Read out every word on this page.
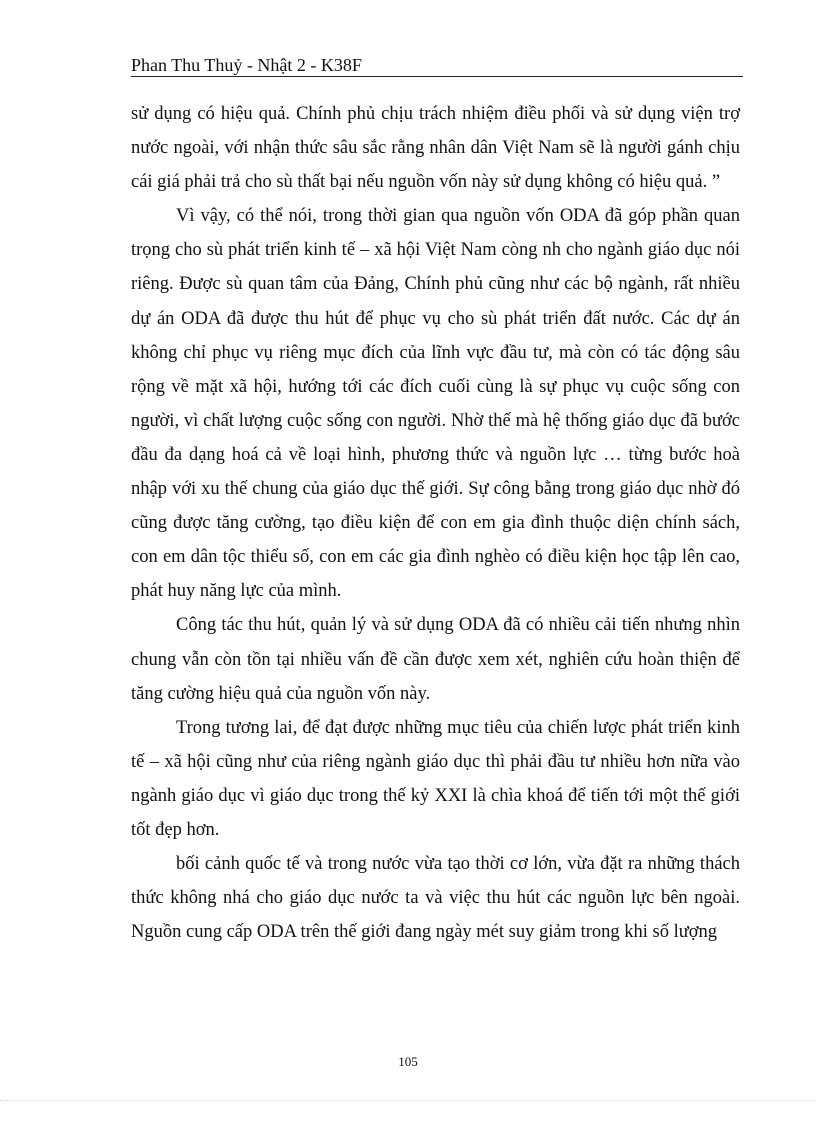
Phan Thu Thuỷ - Nhật 2 - K38F

sử dụng có hiệu quả. Chính phủ chịu trách nhiệm điều phối và sử dụng viện trợ nước ngoài, với nhận thức sâu sắc rằng nhân dân Việt Nam sẽ là người gánh chịu cái giá phải trả cho sù thất bại nếu nguồn vốn này sử dụng không có hiệu quả. ”

Vì vậy, có thể nói, trong thời gian qua nguồn vốn ODA đã góp phần quan trọng cho sù phát triển kinh tế – xã hội Việt Nam còng nh cho ngành giáo dục nói riêng. Được sù quan tâm của Đảng, Chính phủ cũng như các bộ ngành, rất nhiều dự án ODA đã được thu hút để phục vụ cho sù phát triển đất nước. Các dự án không chỉ phục vụ riêng mục đích của lĩnh vực đầu tư, mà còn có tác động sâu rộng về mặt xã hội, hướng tới các đích cuối cùng là sự phục vụ cuộc sống con người, vì chất lượng cuộc sống con người. Nhờ thế mà hệ thống giáo dục đã bước đầu đa dạng hoá cả về loại hình, phương thức và nguồn lực … từng bước hoà nhập với xu thế chung của giáo dục thế giới. Sự công bằng trong giáo dục nhờ đó cũng được tăng cường, tạo điều kiện để con em gia đình thuộc diện chính sách, con em dân tộc thiểu số, con em các gia đình nghèo có điều kiện học tập lên cao, phát huy năng lực của mình.

Công tác thu hút, quản lý và sử dụng ODA đã có nhiều cải tiến nhưng nhìn chung vẫn còn tồn tại nhiều vấn đề cần được xem xét, nghiên cứu hoàn thiện để tăng cường hiệu quả của nguồn vốn này.

Trong tương lai, để đạt được những mục tiêu của chiến lược phát triển kinh tế – xã hội cũng như của riêng ngành giáo dục thì phải đầu tư nhiều hơn nữa vào ngành giáo dục vì giáo dục trong thế kỷ XXI là chìa khoá để tiến tới một thế giới tốt đẹp hơn.

bối cảnh quốc tế và trong nước vừa tạo thời cơ lớn, vừa đặt ra những thách thức không nhá cho giáo dục nước ta và việc thu hút các nguồn lực bên ngoài. Nguồn cung cấp ODA trên thế giới đang ngày mét suy giảm trong khi số lượng

105
